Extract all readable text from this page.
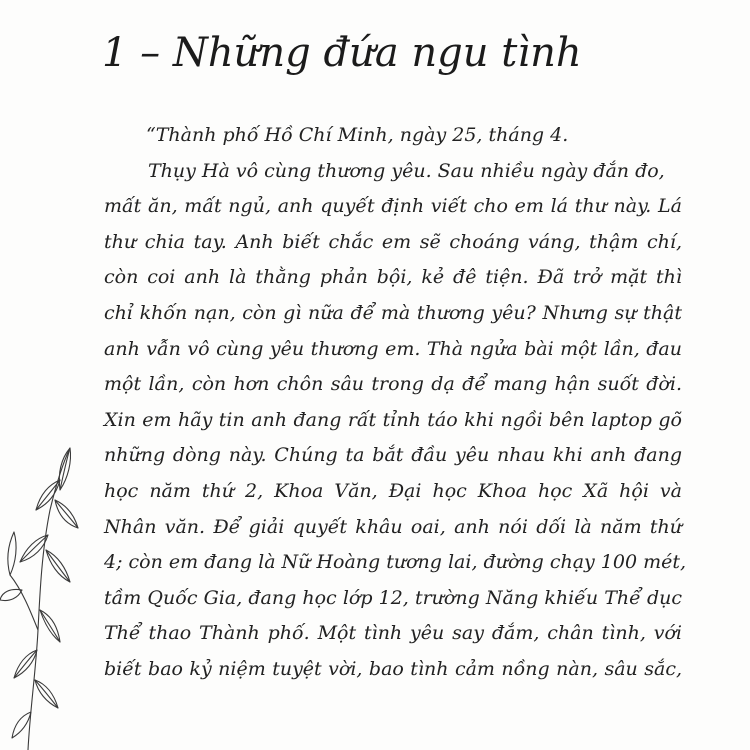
1 – Những đứa ngu tình
“Thành phố Hồ Chí Minh, ngày 25, tháng 4.
Thụy Hà vô cùng thương yêu. Sau nhiều ngày đắn đo,
mất ăn, mất ngủ, anh quyết định viết cho em lá thư này. Lá
thư chia tay. Anh biết chắc em sẽ choáng váng, thậm chí,
còn coi anh là thằng phản bội, kẻ đê tiện. Đã trở mặt thì
chỉ khốn nạn, còn gì nữa để mà thương yêu? Nhưng sự thật
anh vẫn vô cùng yêu thương em. Thà ngửa bài một lần, đau
một lần, còn hơn chôn sâu trong dạ để mang hận suốt đời.
Xin em hãy tin anh đang rất tỉnh táo khi ngồi bên laptop gõ
những dòng này. Chúng ta bắt đầu yêu nhau khi anh đang
học năm thứ 2, Khoa Văn, Đại học Khoa học Xã hội và
Nhân văn. Để giải quyết khâu oai, anh nói dối là năm thứ
4; còn em đang là Nữ Hoàng tương lai, đường chạy 100 mét,
tầm Quốc Gia, đang học lớp 12, trường Năng khiếu Thể dục
Thể thao Thành phố. Một tình yêu say đắm, chân tình, với
biết bao kỷ niệm tuyệt vời, bao tình cảm nồng nàn, sâu sắc,
